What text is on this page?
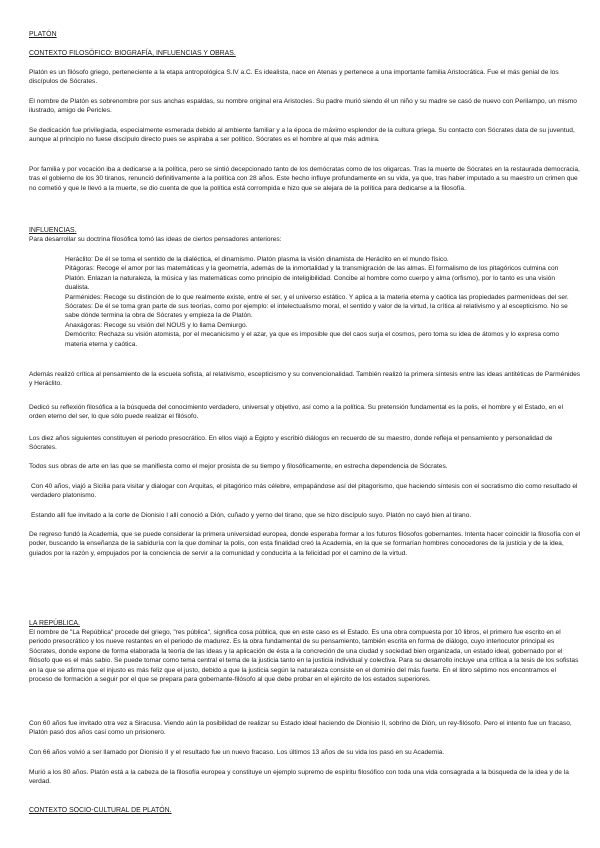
PLATÓN
CONTEXTO FILOSÓFICO: BIOGRAFÍA, INFLUENCIAS Y OBRAS.

Platón es un filósofo griego, perteneciente a la etapa antropológica S.IV a.C. Es idealista, nace en Atenas y pertenece a una importante familia Aristocrática. Fue el más genial de los discípulos de Sócrates.

El nombre de Platón es sobrenombre por sus anchas espaldas, su nombre original era Aristocles. Su padre murió siendo él un niño y su madre se casó de nuevo con Perilampo, un mismo ilustrado, amigo de Pericles.

Se dedicación fue privilegiada, especialmente esmerada debido al ambiente familiar y a la época de máximo esplendor de la cultura griega. Su contacto con Sócrates data de su juventud, aunque al principio no fuese discípulo directo pues se aspiraba a ser político. Sócrates es el hombre al que más admira.

Por familia y por vocación iba a dedicarse a la política, pero se sintió decepcionado tanto de los demócratas como de los oligarcas. Tras la muerte de Sócrates en la restaurada democracia, tras el gobierno de los 30 tiranos, renunció definitivamente a la política con 28 años. Este hecho influye profundamente en su vida, ya que, tras haber imputado a su maestro un crimen que no cometió y que le llevó a la muerte, se dio cuenta de que la política está corrompida e hizo que se alejara de la política para dedicarse a la filosofía.

INFLUENCIAS.

Para desarrollar su doctrina filosófica tomó las ideas de ciertos pensadores anteriores:

Heráclito: De él se toma el sentido de la dialéctica, el dinamismo. Platón plasma la visión dinamista de Heráclito en el mundo físico.

Pitágoras: Recoge el amor por las matemáticas y la geometría, además de la inmortalidad y la transmigración de las almas. El formalismo de los pitagóricos culmina con Platón. Enlazan la naturaleza, la música y las matemáticas como principio de inteligibilidad. Concibe al hombre como cuerpo y alma (orfismo), por lo tanto es una visión dualista.

Parménides: Recoge su distinción de lo que realmente existe, entre el ser, y el universo estático. Y aplica a la materia eterna y caótica las propiedades parmenídeas del ser.

Sócrates: De él se toma gran parte de sus teorías, como por ejemplo: el intelectualismo moral, el sentido y valor de la virtud, la crítica al relativismo y al escepticismo. No se sabe dónde termina la obra de Sócrates y empieza la de Platón.

Anaxágoras: Recoge su visión del NOUS y lo llama Demiurgo.

Demócrito: Rechaza su visión atomista, por el mecanicismo y el azar, ya que es imposible que del caos surja el cosmos, pero toma su idea de átomos y lo expresa como materia eterna y caótica.

Además realizó crítica al pensamiento de la escuela sofista, al relativismo, escepticismo y su convencionalidad. También realizó la primera síntesis entre las ideas antitéticas de Parménides y Heráclito.

Dedicó su reflexión filosófica a la búsqueda del conocimiento verdadero, universal y objetivo, así como a la política. Su pretensión fundamental es la polis, el hombre y el Estado, en el orden eterno del ser, lo que sólo puede realizar el filósofo.

Los diez años siguientes constituyen el periodo presocrático. En ellos viajó a Egipto y escribió diálogos en recuerdo de su maestro, donde refleja el pensamiento y personalidad de Sócrates.

Todos sus obras de arte en las que se manifiesta como el mejor prosista de su tiempo y filosóficamente, en estrecha dependencia de Sócrates.

Con 40 años, viajó a Sicilia para visitar y dialogar con Arquitas, el pitagórico más célebre, empapándose así del pitagorismo, que haciendo síntesis con el socratismo dio como resultado el verdadero platonismo.

Estando allí fue invitado a la corte de Dionisio I allí conoció a Dión, cuñado y yerno del tirano, que se hizo discípulo suyo. Platón no cayó bien al tirano.

De regreso fundó la Academia, que se puede considerar la primera universidad europea, donde esperaba formar a los futuros filósofos gobernantes. Intenta hacer coincidir la filosofía con el poder, buscando la enseñanza de la sabiduría con la que dominar la polis, con esta finalidad creó la Academia, en la que se formarían hombres conocedores de la justicia y de la idea, guiados por la razón y, empujados por la conciencia de servir a la comunidad y conducirla a la felicidad por el camino de la virtud.

LA REPÚBLICA.

El nombre de "La República" procede del griego, "res pública", significa cosa pública, que en este caso es el Estado. Es una obra compuesta por 10 libros, el primero fue escrito en el periodo presocrático y los nueve restantes en el periodo de madurez. Es la obra fundamental de su pensamiento, también escrita en forma de diálogo, cuyo interlocutor principal es Sócrates, donde expone de forma elaborada la teoría de las ideas y la aplicación de ésta a la concreción de una ciudad y sociedad bien organizada, un estado ideal, gobernado por el filósofo que es el más sabio. Se puede tomar como tema central el tema de la justicia tanto en la justicia individual y colectiva. Para su desarrollo incluye una crítica a la tesis de los sofistas en la que se afirma que el injusto es más feliz que el justo, debido a que la justicia según la naturaleza consiste en el dominio del más fuerte. En el libro séptimo nos encontramos el proceso de formación a seguir por el que se prepara para gobernante-filósofo al que debe probar en el ejército de los estados superiores.

Con 60 años fue invitado otra vez a Siracusa. Viendo aún la posibilidad de realizar su Estado ideal haciendo de Dionisio II, sobrino de Dión, un rey-filósofo. Pero el intento fue un fracaso, Platón pasó dos años casi como un prisionero.

Con 66 años volvió a ser llamado por Dionisio II y el resultado fue un nuevo fracaso. Los últimos 13 años de su vida los pasó en su Academia.

Murió a los 80 años. Platón está a la cabeza de la filosofía europea y constituye un ejemplo supremo de espíritu filosófico con toda una vida consagrada a la búsqueda de la idea y de la verdad.

CONTEXTO SOCIO-CULTURAL DE PLATÓN.
